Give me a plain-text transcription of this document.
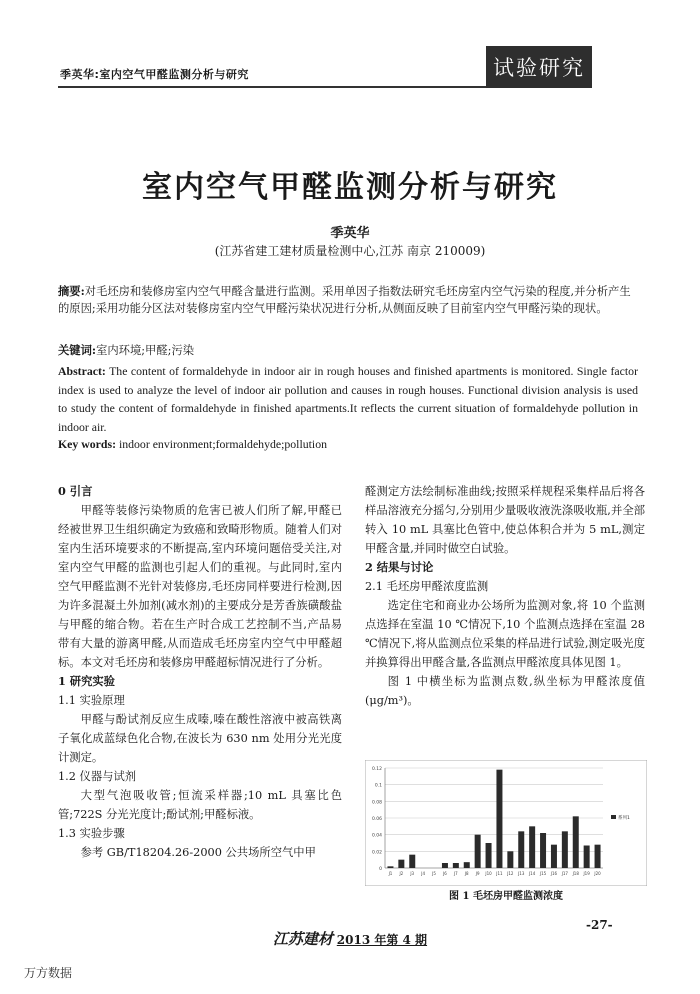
季英华:室内空气甲醛监测分析与研究	试验研究
室内空气甲醛监测分析与研究
季英华
(江苏省建工建材质量检测中心,江苏 南京 210009)
摘要:对毛坯房和装修房室内空气甲醛含量进行监测。采用单因子指数法研究毛坯房室内空气污染的程度,并分析产生的原因;采用功能分区法对装修房室内空气甲醛污染状况进行分析,从侧面反映了目前室内空气甲醛污染的现状。
关键词:室内环境;甲醛;污染
Abstract: The content of formaldehyde in indoor air in rough houses and finished apartments is monitored. Single factor index is used to analyze the level of indoor air pollution and causes in rough houses. Functional division analysis is used to study the content of formaldehyde in finished apartments.It reflects the current situation of formaldehyde pollution in indoor air.
Key words: indoor environment;formaldehyde;pollution
0 引言
甲醛等装修污染物质的危害已被人们所了解,甲醛已经被世界卫生组织确定为致癌和致畸形物质。随着人们对室内生活环境要求的不断提高,室内环境问题倍受关注,对室内空气甲醛的监测也引起人们的重视。与此同时,室内空气甲醛监测不光针对装修房,毛坯房同样要进行检测,因为许多混凝土外加剂(减水剂)的主要成分是芳香族磺酸盐与甲醛的缩合物。若在生产时合成工艺控制不当,产品易带有大量的游离甲醛,从而造成毛坯房室内空气中甲醛超标。本文对毛坯房和装修房甲醛超标情况进行了分析。
1 研究实验
1.1 实验原理
甲醛与酚试剂反应生成嗪,嗪在酸性溶液中被高铁离子氧化成蓝绿色化合物,在波长为 630 nm 处用分光光度计测定。
1.2 仪器与试剂
大型气泡吸收管;恒流采样器;10 mL 具塞比色管;722S 分光光度计;酚试剂;甲醛标液。
1.3 实验步骤
参考 GB/T18204.26-2000 公共场所空气中甲
醛测定方法绘制标准曲线;按照采样规程采集样品后将各样品溶液充分摇匀,分别用少量吸收液洗涤吸收瓶,并全部转入 10 mL 具塞比色管中,使总体积合并为 5 mL,测定甲醛含量,并同时做空白试验。
2 结果与讨论
2.1 毛坯房甲醛浓度监测
选定住宅和商业办公场所为监测对象,将 10 个监测点选择在室温 10 ℃情况下,10 个监测点选择在室温 28 ℃情况下,将从监测点位采集的样品进行试验,测定吸光度并换算得出甲醛含量,各监测点甲醛浓度具体见图 1。
图 1 中横坐标为监测点数,纵坐标为甲醛浓度值(μg/m³)。
0
0.02
0.04
0.06
0.08
0.1
0.12
J1 J2 J3 J4 J5 J6 J7 J8 J9 J10 J11 J12 J13 J14 J15 J16 J17 J18 J19 J20
系列1
图 1 毛坯房甲醛监测浓度
-27-
江苏建材 2013 年第 4 期
万方数据
